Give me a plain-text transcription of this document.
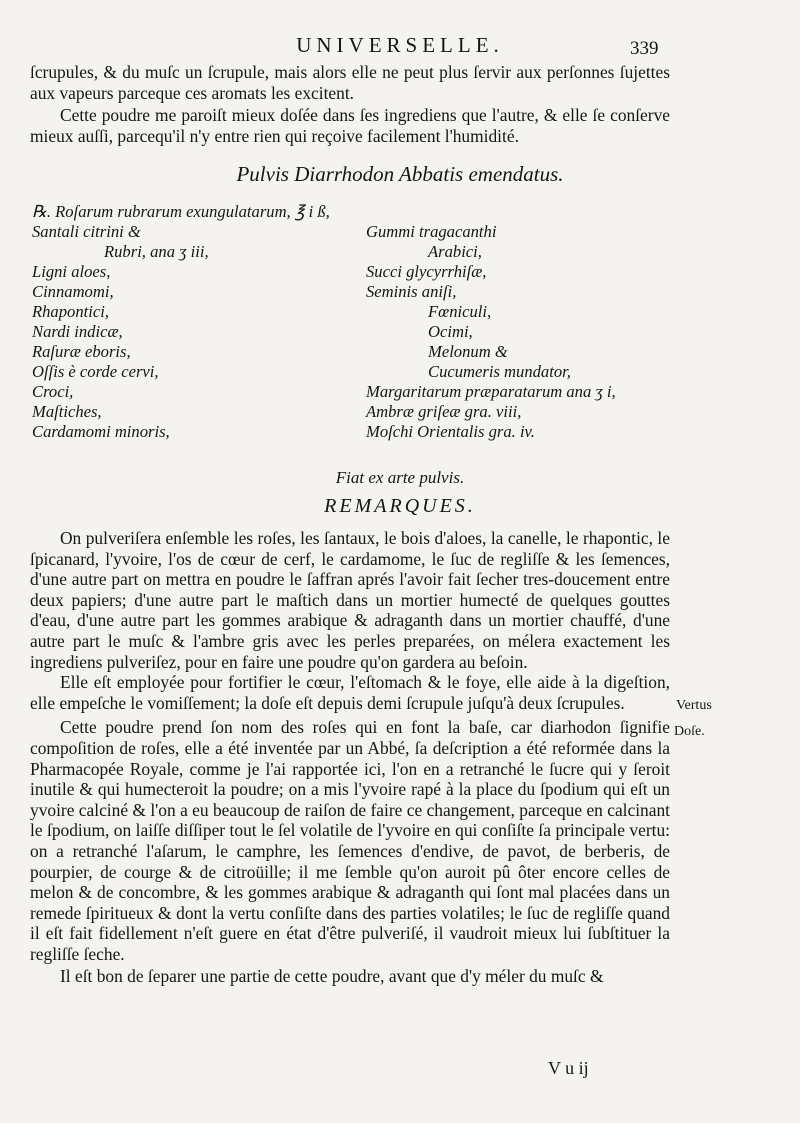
UNIVERSELLE.	339

ſcrupules, & du muſc un ſcrupule, mais alors elle ne peut plus ſervir aux perſonnes ſujettes aux vapeurs parceque ces aromats les excitent.

Cette poudre me paroiſt mieux doſée dans ſes ingrediens que l'autre, & elle ſe conſerve mieux auſſi, parcequ'il n'y entre rien qui reçoive facilement l'humidité.

Pulvis Diarrhodon Abbatis emendatus.
℞. Roſarum rubrarum exungulatarum, ℥ i ß,
Santali citrini &
Rubri, ana ʒ iii,
Ligni aloes,
Cinnamomi,
Rhapontici,
Nardi indicæ,
Raſuræ eboris,
Oſſis è corde cervi,
Croci,
Maſtiches,
Cardamomi minoris,
Gummi tragacanthi
Arabici,
Succi glycyrrhiſæ,
Seminis aniſi,
Fœniculi,
Ocimi,
Melonum &
Cucumeris mundator,
Margaritarum præparatarum ana ʒ i,
Ambræ griſeæ gra. viii,
Moſchi Orientalis gra. iv.
Fiat ex arte pulvis.
REMARQUES.

On pulveriſera enſemble les roſes, les ſantaux, le bois d'aloes, la canelle, le rhapontic, le ſpicanard, l'yvoire, l'os de cœur de cerf, le cardamome, le ſuc de regliſſe & les ſemences, d'une autre part on mettra en poudre le ſaffran aprés l'avoir fait ſecher tres-doucement entre deux papiers; d'une autre part le maſtich dans un mortier humecté de quelques gouttes d'eau, d'une autre part les gommes arabique & adraganth dans un mortier chauffé, d'une autre part le muſc & l'ambre gris avec les perles preparées, on mélera exactement les ingrediens pulveriſez, pour en faire une poudre qu'on gardera au beſoin.

Elle eſt employée pour fortifier le cœur, l'eſtomach & le foye, elle aide à la digeſtion, elle empeſche le vomiſſement; la doſe eſt depuis demi ſcrupule juſqu'à deux ſcrupules.

Cette poudre prend ſon nom des roſes qui en font la baſe, car diarhodon ſignifie compoſition de roſes, elle a été inventée par un Abbé, ſa deſcription a été reformée dans la Pharmacopée Royale, comme je l'ai rapportée ici, l'on en a retranché le ſucre qui y ſeroit inutile & qui humecteroit la poudre; on a mis l'yvoire rapé à la place du ſpodium qui eſt un yvoire calciné & l'on a eu beaucoup de raiſon de faire ce changement, parceque en calcinant le ſpodium, on laiſſe diſſiper tout le ſel volatile de l'yvoire en qui conſiſte ſa principale vertu: on a retranché l'aſarum, le camphre, les ſemences d'endive, de pavot, de berberis, de pourpier, de courge & de citroüille; il me ſemble qu'on auroit pû ôter encore celles de melon & de concombre, & les gommes arabique & adraganth qui ſont mal placées dans un remede ſpiritueux & dont la vertu conſiſte dans des parties volatiles; le ſuc de regliſſe quand il eſt fait fidellement n'eſt guere en état d'être pulveriſé, il vaudroit mieux lui ſubſtituer la regliſſe ſeche.

Il eſt bon de ſeparer une partie de cette poudre, avant que d'y méler du muſc &

Vertus
Doſe.
V u ij
